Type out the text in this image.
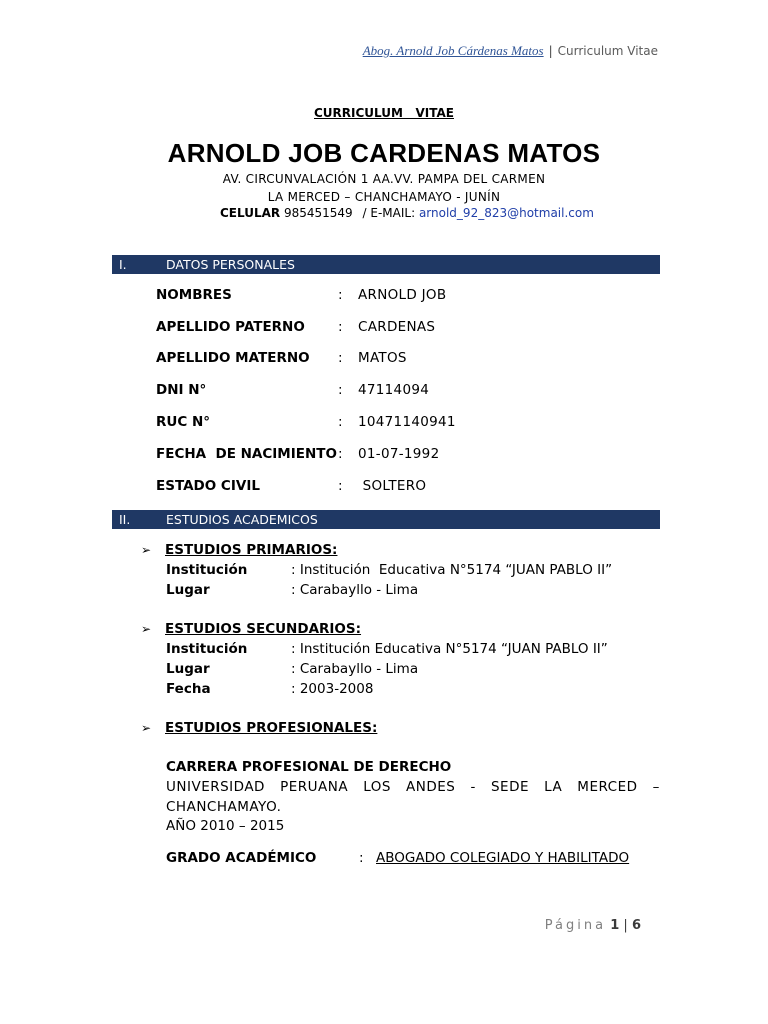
Abog. Arnold Job Cárdenas Matos | Curriculum Vitae
CURRICULUM   VITAE
ARNOLD JOB CARDENAS MATOS
AV. CIRCUNVALACIÓN 1 AA.VV. PAMPA DEL CARMEN
LA MERCED – CHANCHAMAYO - JUNÍN
CELULAR 985451549 / E-MAIL: arnold_92_823@hotmail.com
I.	DATOS PERSONALES
NOMBRES	: ARNOLD JOB
APELLIDO PATERNO : CARDENAS
APELLIDO MATERNO : MATOS
DNI N°	: 47114094
RUC N°	: 10471140941
FECHA  DE NACIMIENTO : 01-07-1992
ESTADO CIVIL	: SOLTERO
II.	ESTUDIOS ACADEMICOS
➢ ESTUDIOS PRIMARIOS:
Institución	: Institución  Educativa N°5174 “JUAN PABLO II”
Lugar	: Carabayllo - Lima
➢ ESTUDIOS SECUNDARIOS:
Institución	: Institución Educativa N°5174 “JUAN PABLO II”
Lugar	: Carabayllo - Lima
Fecha	: 2003-2008
➢ ESTUDIOS PROFESIONALES:
CARRERA PROFESIONAL DE DERECHO
UNIVERSIDAD PERUANA LOS ANDES - SEDE LA MERCED –
CHANCHAMAYO.
AÑO 2010 – 2015
GRADO ACADÉMICO	: ABOGADO COLEGIADO Y HABILITADO
Página 1 | 6
